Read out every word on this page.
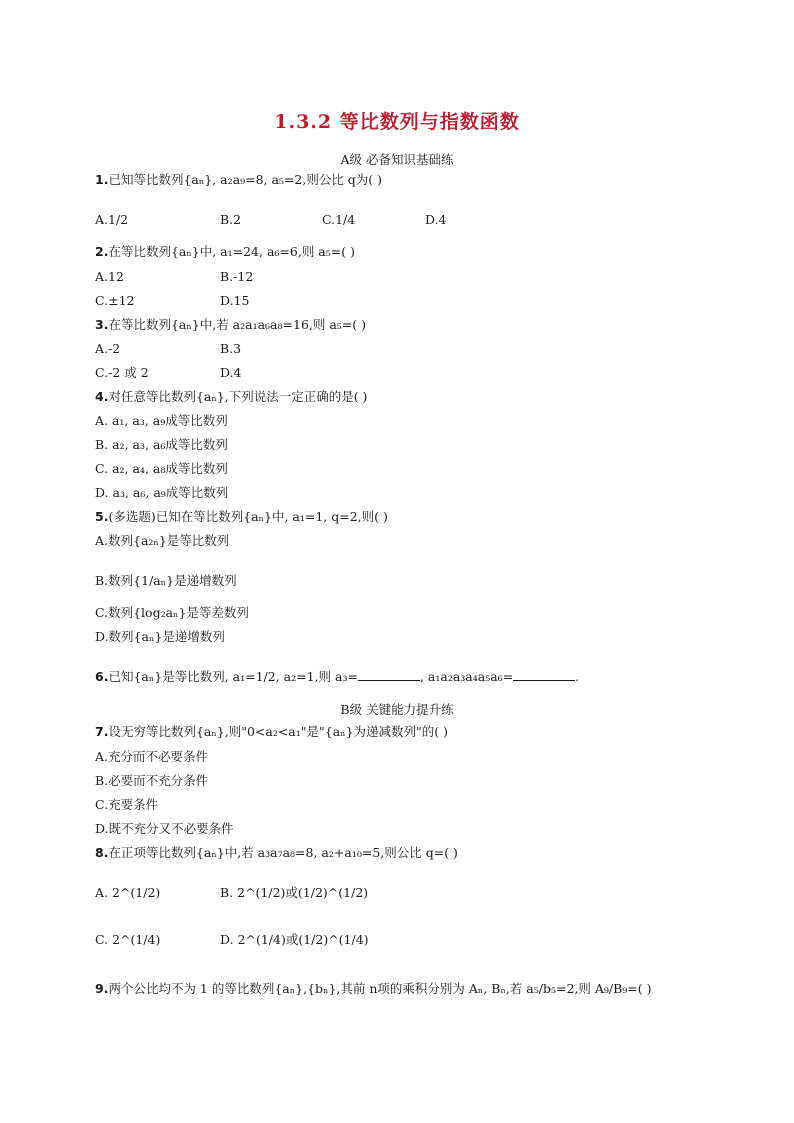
1.3.2 等比数列与指数函数
A级 必备知识基础练
1.已知等比数列{aₙ}, a₂a₉=8, a₅=2,则公比 q为( )
A.1/2	B.2	C.1/4	D.4
2.在等比数列{aₙ}中, a₁=24, a₆=6,则 a₅=( )
A.12	B.-12
C.±12	D.15
3.在等比数列{aₙ}中,若 a₂a₁a₆a₈=16,则 a₅=( )
A.-2	B.3
C.-2 或 2	D.4
4.对任意等比数列{aₙ},下列说法一定正确的是( )
A. a₁, a₃, a₉成等比数列
B. a₂, a₃, a₆成等比数列
C. a₂, a₄, a₈成等比数列
D. a₃, a₆, a₉成等比数列
5.(多选题)已知在等比数列{aₙ}中, a₁=1, q=2,则( )
A.数列{a₂ₙ}是等比数列
B.数列{1/aₙ}是递增数列
C.数列{log₂aₙ}是等差数列
D.数列{aₙ}是递增数列
6.已知{aₙ}是等比数列, a₁=1/2, a₂=1,则 a₃=	, a₁a₂a₃a₄a₅a₆=	.
B级 关键能力提升练
7.设无穷等比数列{aₙ},则"0<a₂<a₁"是"{aₙ}为递减数列"的( )
A.充分而不必要条件
B.必要而不充分条件
C.充要条件
D.既不充分又不必要条件
8.在正项等比数列{aₙ}中,若 a₃a₇a₈=8, a₂+a₁₀=5,则公比 q=( )
A. 2^(1/2)	B. 2^(1/2)或(1/2)^(1/2)
C. 2^(1/4)	D. 2^(1/4)或(1/2)^(1/4)
9.两个公比均不为 1 的等比数列{aₙ},{bₙ},其前 n项的乘积分别为 Aₙ, Bₙ,若 a₅/b₅=2,则 A₉/B₉=( )
